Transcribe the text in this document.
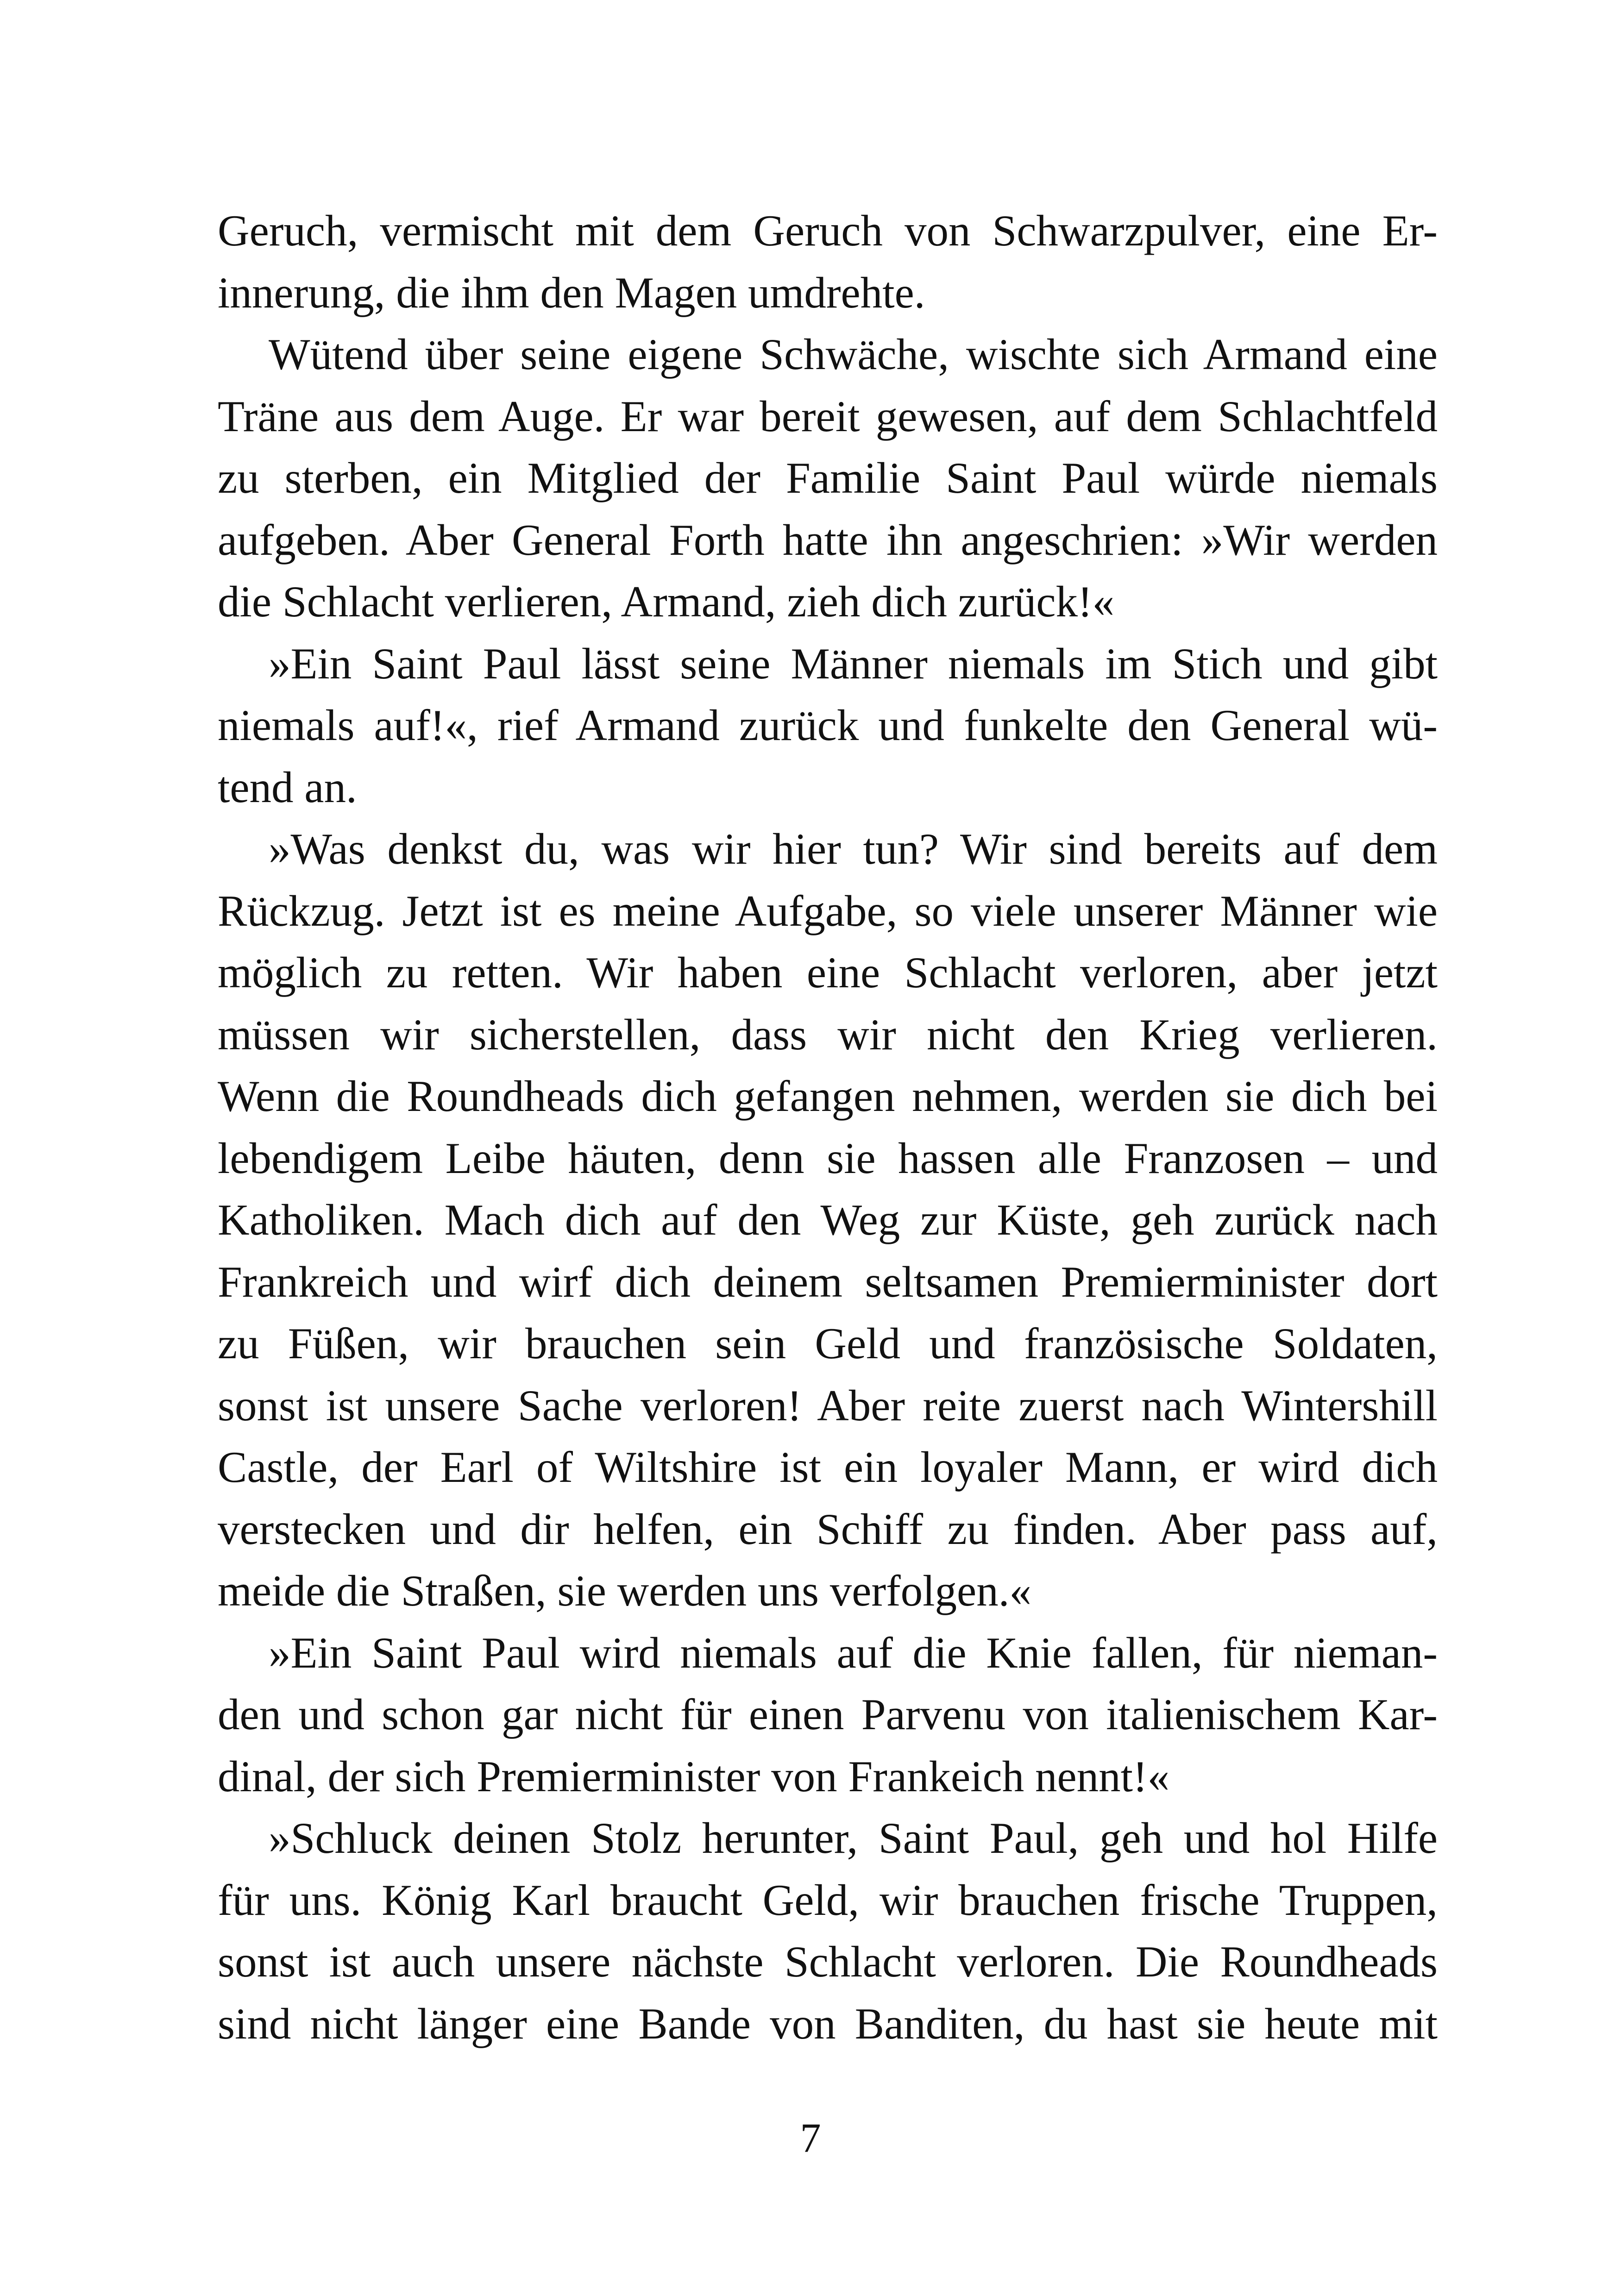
Geruch, vermischt mit dem Geruch von Schwarzpulver, eine Er-
innerung, die ihm den Magen umdrehte.
Wütend über seine eigene Schwäche, wischte sich Armand eine
Träne aus dem Auge. Er war bereit gewesen, auf dem Schlachtfeld
zu sterben, ein Mitglied der Familie Saint Paul würde niemals
aufgeben. Aber General Forth hatte ihn angeschrien: »Wir werden
die Schlacht verlieren, Armand, zieh dich zurück!«
»Ein Saint Paul lässt seine Männer niemals im Stich und gibt
niemals auf!«, rief Armand zurück und funkelte den General wü-
tend an.
»Was denkst du, was wir hier tun? Wir sind bereits auf dem
Rückzug. Jetzt ist es meine Aufgabe, so viele unserer Männer wie
möglich zu retten. Wir haben eine Schlacht verloren, aber jetzt
müssen wir sicherstellen, dass wir nicht den Krieg verlieren.
Wenn die Roundheads dich gefangen nehmen, werden sie dich bei
lebendigem Leibe häuten, denn sie hassen alle Franzosen – und
Katholiken. Mach dich auf den Weg zur Küste, geh zurück nach
Frankreich und wirf dich deinem seltsamen Premierminister dort
zu Füßen, wir brauchen sein Geld und französische Soldaten,
sonst ist unsere Sache verloren! Aber reite zuerst nach Wintershill
Castle, der Earl of Wiltshire ist ein loyaler Mann, er wird dich
verstecken und dir helfen, ein Schiff zu finden. Aber pass auf,
meide die Straßen, sie werden uns verfolgen.«
»Ein Saint Paul wird niemals auf die Knie fallen, für nieman-
den und schon gar nicht für einen Parvenu von italienischem Kar-
dinal, der sich Premierminister von Frankeich nennt!«
»Schluck deinen Stolz herunter, Saint Paul, geh und hol Hilfe
für uns. König Karl braucht Geld, wir brauchen frische Truppen,
sonst ist auch unsere nächste Schlacht verloren. Die Roundheads
sind nicht länger eine Bande von Banditen, du hast sie heute mit
7
